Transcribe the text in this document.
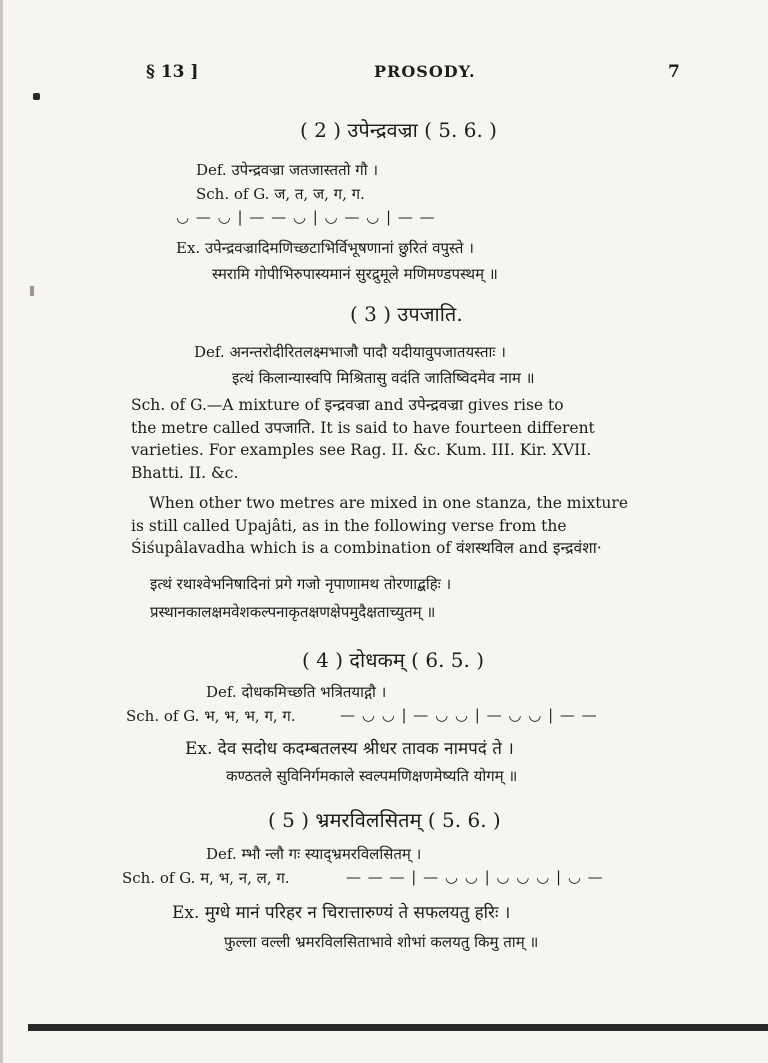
§ 13 ]	PROSODY.	7
( 2 ) उपेन्द्रवज्रा ( 5. 6. )
Def. उपेन्द्रवज्रा जतजास्ततो गौ ।
Sch. of G. ज, त, ज, ग, ग.
◡ — ◡ | — — ◡ | ◡ — ◡ | — —
Ex. उपेन्द्रवज्रादिमणिच्छटाभिर्विभूषणानां छुरितं वपुस्ते ।
स्मरामि गोपीभिरुपास्यमानं सुरद्रुमूले मणिमण्डपस्थम् ॥
( 3 ) उपजाति.
Def. अनन्तरोदीरितलक्ष्मभाजौ पादौ यदीयावुपजातयस्ताः ।
इत्थं किलान्यास्वपि मिश्रितासु वदंति जातिष्विदमेव नाम ॥
Sch. of G.—A mixture of इन्द्रवज्रा and उपेन्द्रवज्रा gives rise to
the metre called उपजाति. It is said to have fourteen different
varieties. For examples see Rag. II. &c. Kum. III. Kir. XVII.
Bhatti. II. &c.
When other two metres are mixed in one stanza, the mixture
is still called Upajâti, as in the following verse from the
Śiśupâlavadha which is a combination of वंशस्थविल and इन्द्रवंशा·
इत्थं रथाश्वेभनिषादिनां प्रगे गजो नृपाणामथ तोरणाद्बहिः ।
प्रस्थानकालक्षमवेशकल्पनाकृतक्षणक्षेपमुदैक्षताच्युतम् ॥
( 4 ) दोधकम् ( 6. 5. )
Def. दोधकमिच्छति भत्रितयाद्गौ ।
Sch. of G. भ, भ, भ, ग, ग.	— ◡ ◡ | — ◡ ◡ | — ◡ ◡ | — —
Ex. देव सदोध कदम्बतलस्य श्रीधर तावक नामपदं ते ।
कण्ठतले सुविनिर्गमकाले स्वल्पमणिक्षणमेष्यति योगम् ॥
( 5 ) भ्रमरविलसितम् ( 5. 6. )
Def. म्भौ न्लौ गः स्याद्भ्रमरविलसितम् ।
Sch. of G. म, भ, न, ल, ग.	— — — | — ◡ ◡ | ◡ ◡ ◡ | ◡ —
Ex. मुग्धे मानं परिहर न चिरात्तारुण्यं ते सफलयतु हरिः ।
फुल्ला वल्ली भ्रमरविलसिताभावे शोभां कलयतु किमु ताम् ॥
